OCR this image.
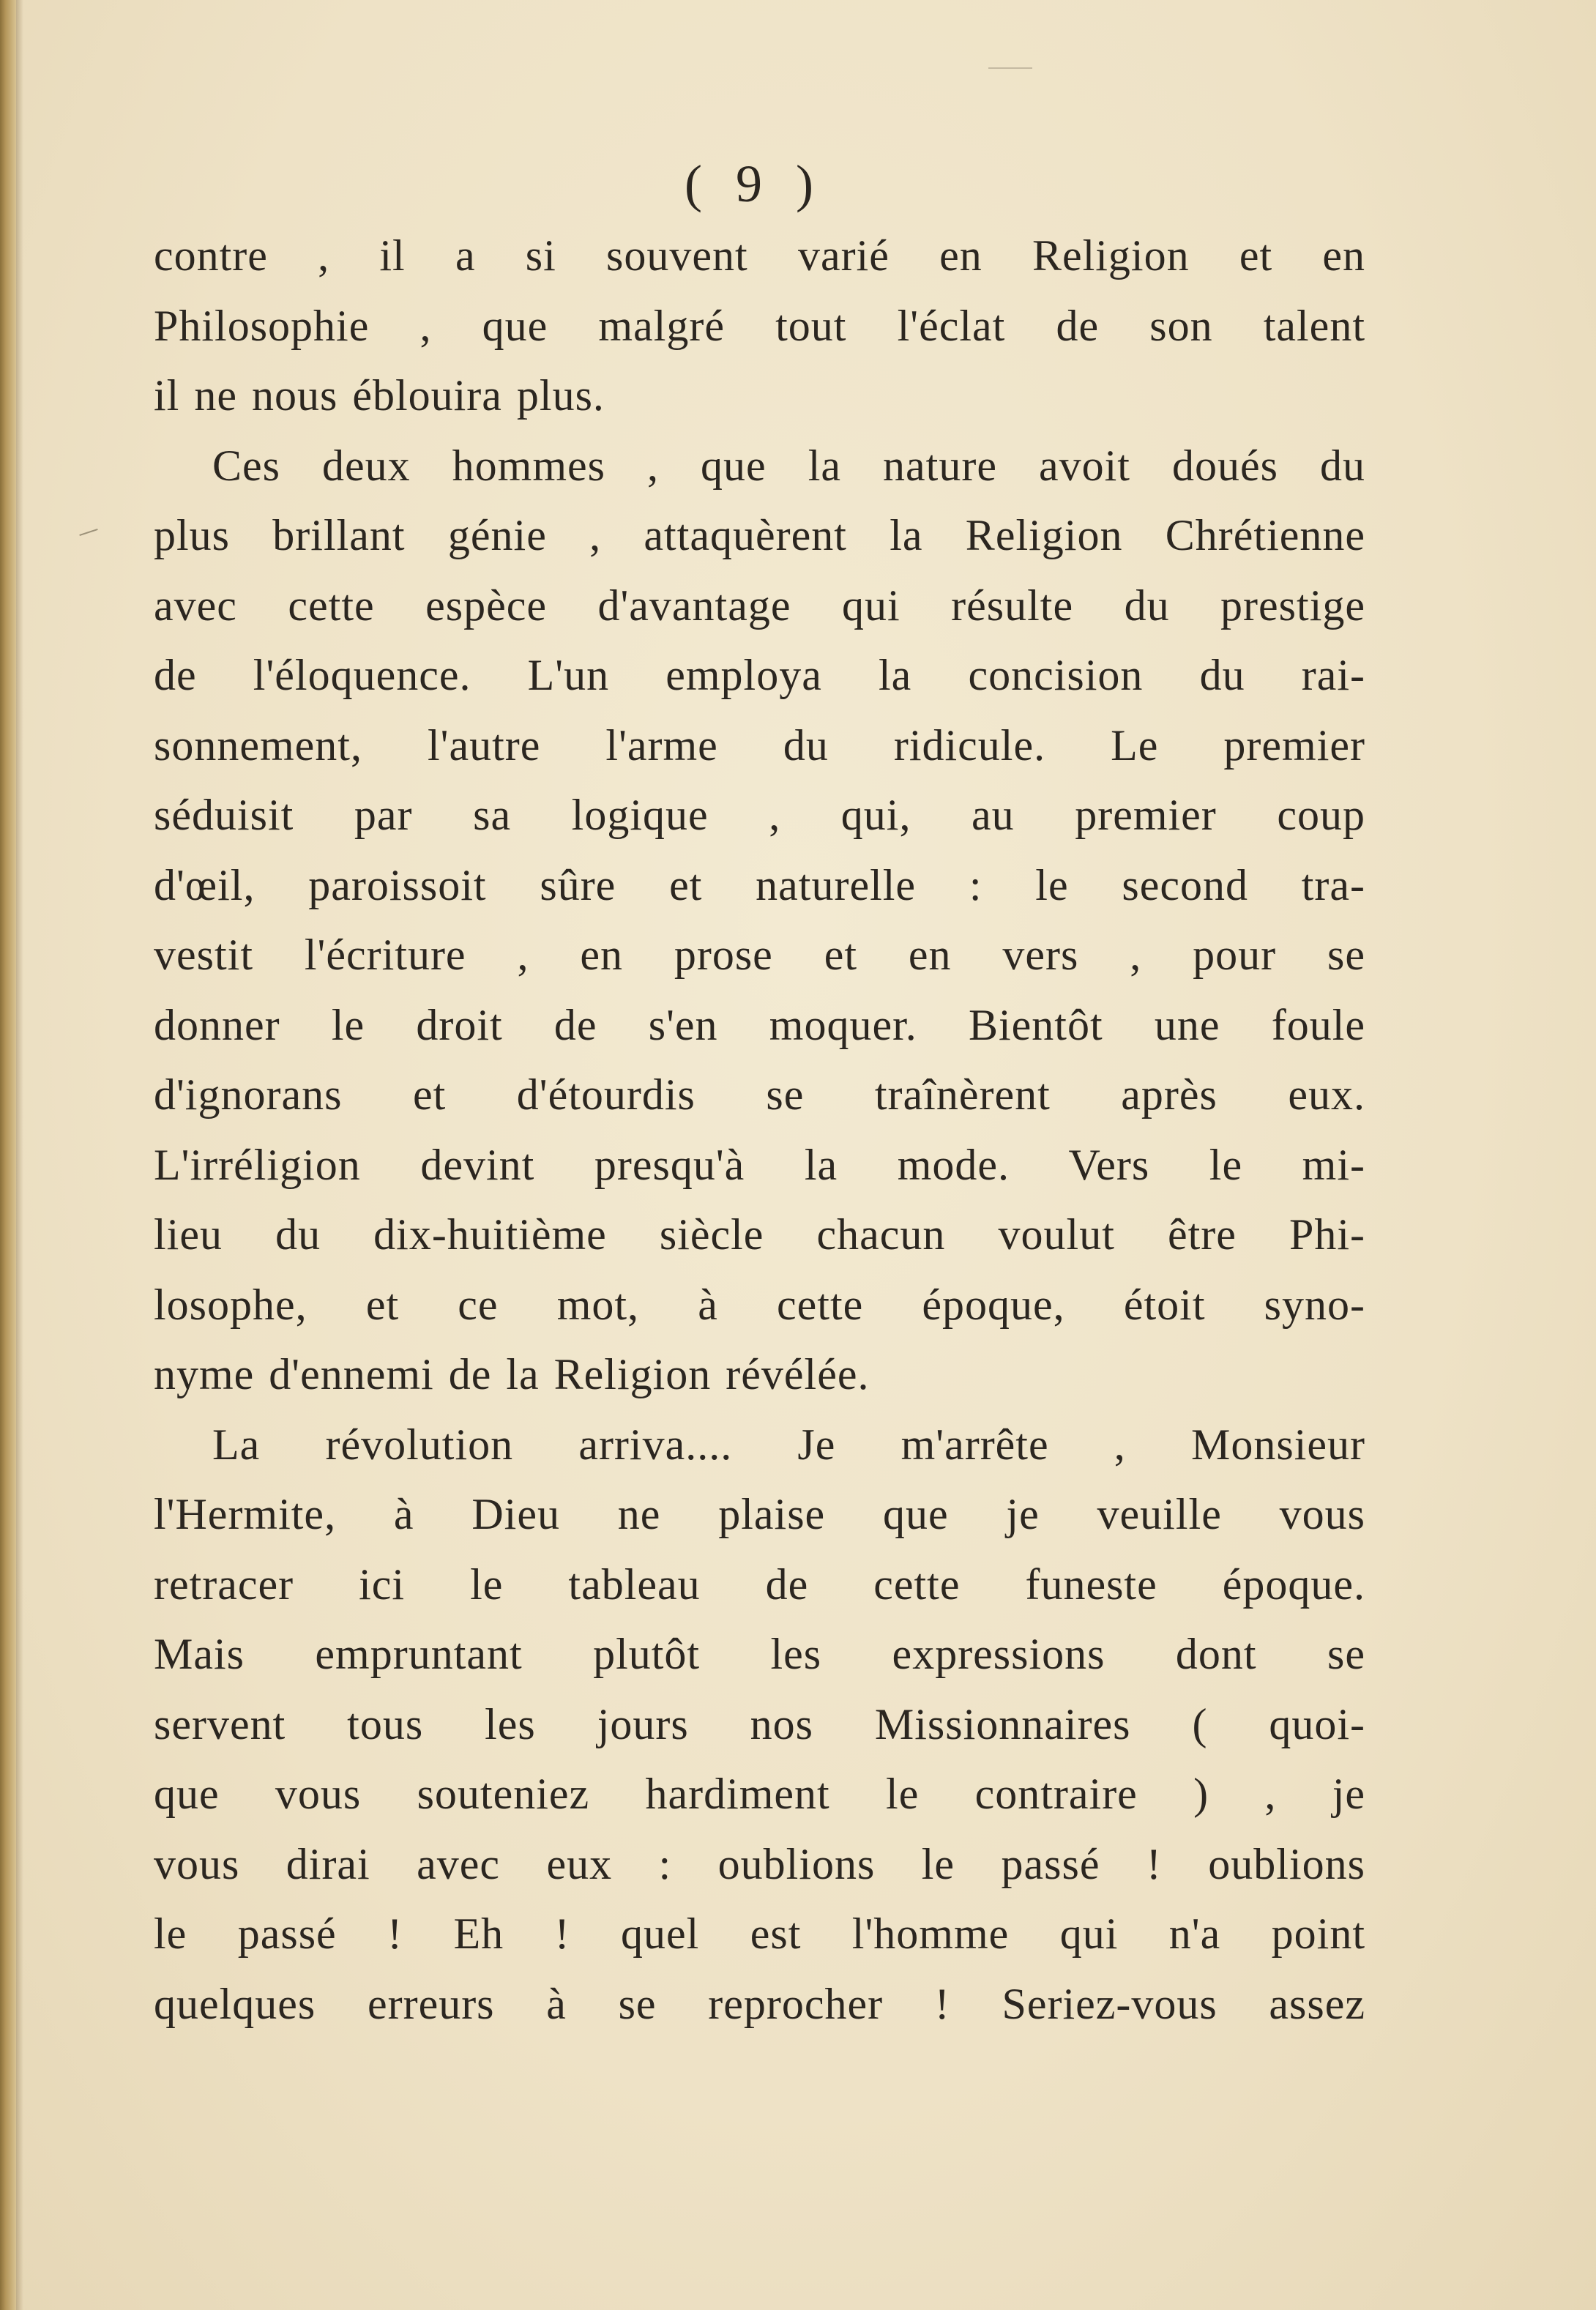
( 9 )
contre , il a si souvent varié en Religion et en
Philosophie , que malgré tout l'éclat de son talent
il ne nous éblouira plus.
Ces deux hommes , que la nature avoit doués du
plus brillant génie , attaquèrent la Religion Chrétienne
avec cette espèce d'avantage qui résulte du prestige
de l'éloquence. L'un employa la concision du rai-
sonnement, l'autre l'arme du ridicule. Le premier
séduisit par sa logique , qui, au premier coup
d'œil, paroissoit sûre et naturelle : le second tra-
vestit l'écriture , en prose et en vers , pour se
donner le droit de s'en moquer. Bientôt une foule
d'ignorans et d'étourdis se traînèrent après eux.
L'irréligion devint presqu'à la mode. Vers le mi-
lieu du dix-huitième siècle chacun voulut être Phi-
losophe, et ce mot, à cette époque, étoit syno-
nyme d'ennemi de la Religion révélée.
La révolution arriva.... Je m'arrête , Monsieur
l'Hermite, à Dieu ne plaise que je veuille vous
retracer ici le tableau de cette funeste époque.
Mais empruntant plutôt les expressions dont se
servent tous les jours nos Missionnaires ( quoi-
que vous souteniez hardiment le contraire ) , je
vous dirai avec eux : oublions le passé ! oublions
le passé ! Eh ! quel est l'homme qui n'a point
quelques erreurs à se reprocher ! Seriez-vous assez
